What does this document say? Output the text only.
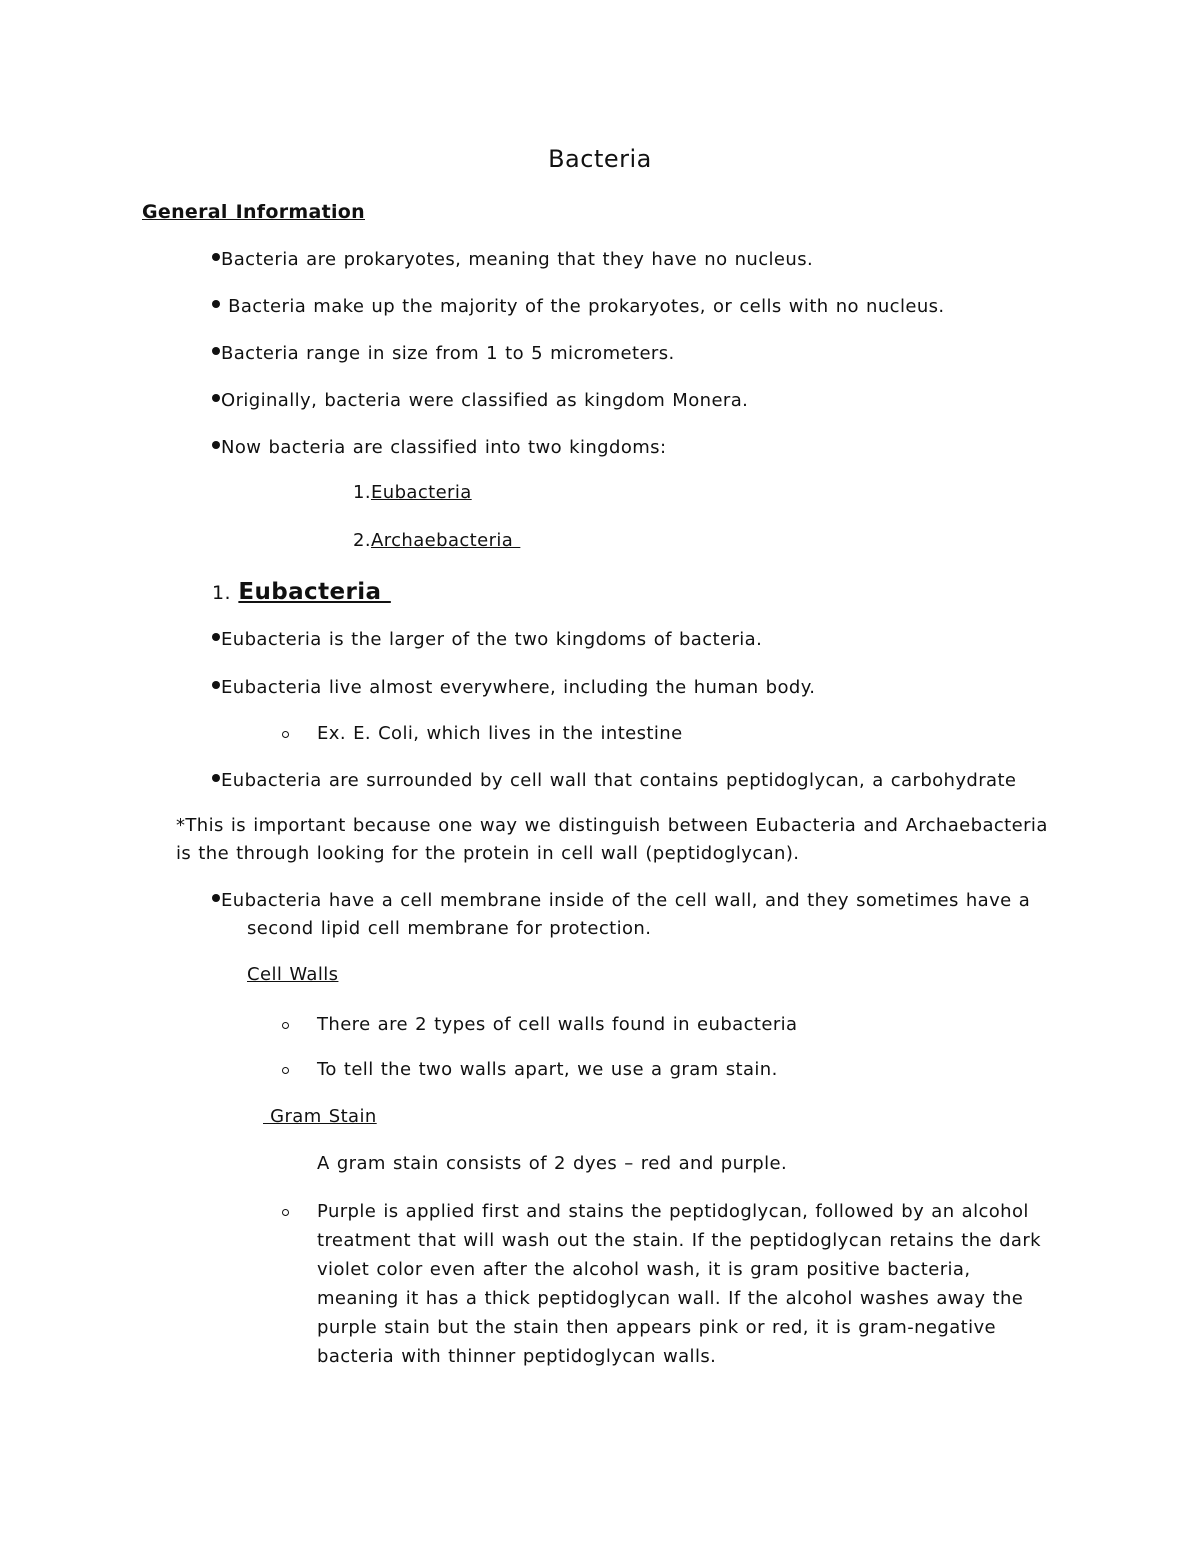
Bacteria
General Information
Bacteria are prokaryotes, meaning that they have no nucleus.
Bacteria make up the majority of the prokaryotes, or cells with no nucleus.
Bacteria range in size from 1 to 5 micrometers.
Originally, bacteria were classified as kingdom Monera.
Now bacteria are classified into two kingdoms:
1.Eubacteria
2.Archaebacteria
1. Eubacteria
Eubacteria is the larger of the two kingdoms of bacteria.
Eubacteria live almost everywhere, including the human body.
Ex. E. Coli, which lives in the intestine
Eubacteria are surrounded by cell wall that contains peptidoglycan, a carbohydrate
*This is important because one way we distinguish between Eubacteria and Archaebacteria
is the through looking for the protein in cell wall (peptidoglycan).
Eubacteria have a cell membrane inside of the cell wall, and they sometimes have a
second lipid cell membrane for protection.
Cell Walls
There are 2 types of cell walls found in eubacteria
To tell the two walls apart, we use a gram stain.
Gram Stain
A gram stain consists of 2 dyes – red and purple.
Purple is applied first and stains the peptidoglycan, followed by an alcohol treatment that will wash out the stain. If the peptidoglycan retains the dark violet color even after the alcohol wash, it is gram positive bacteria, meaning it has a thick peptidoglycan wall. If the alcohol washes away the purple stain but the stain then appears pink or red, it is gram-negative bacteria with thinner peptidoglycan walls.
